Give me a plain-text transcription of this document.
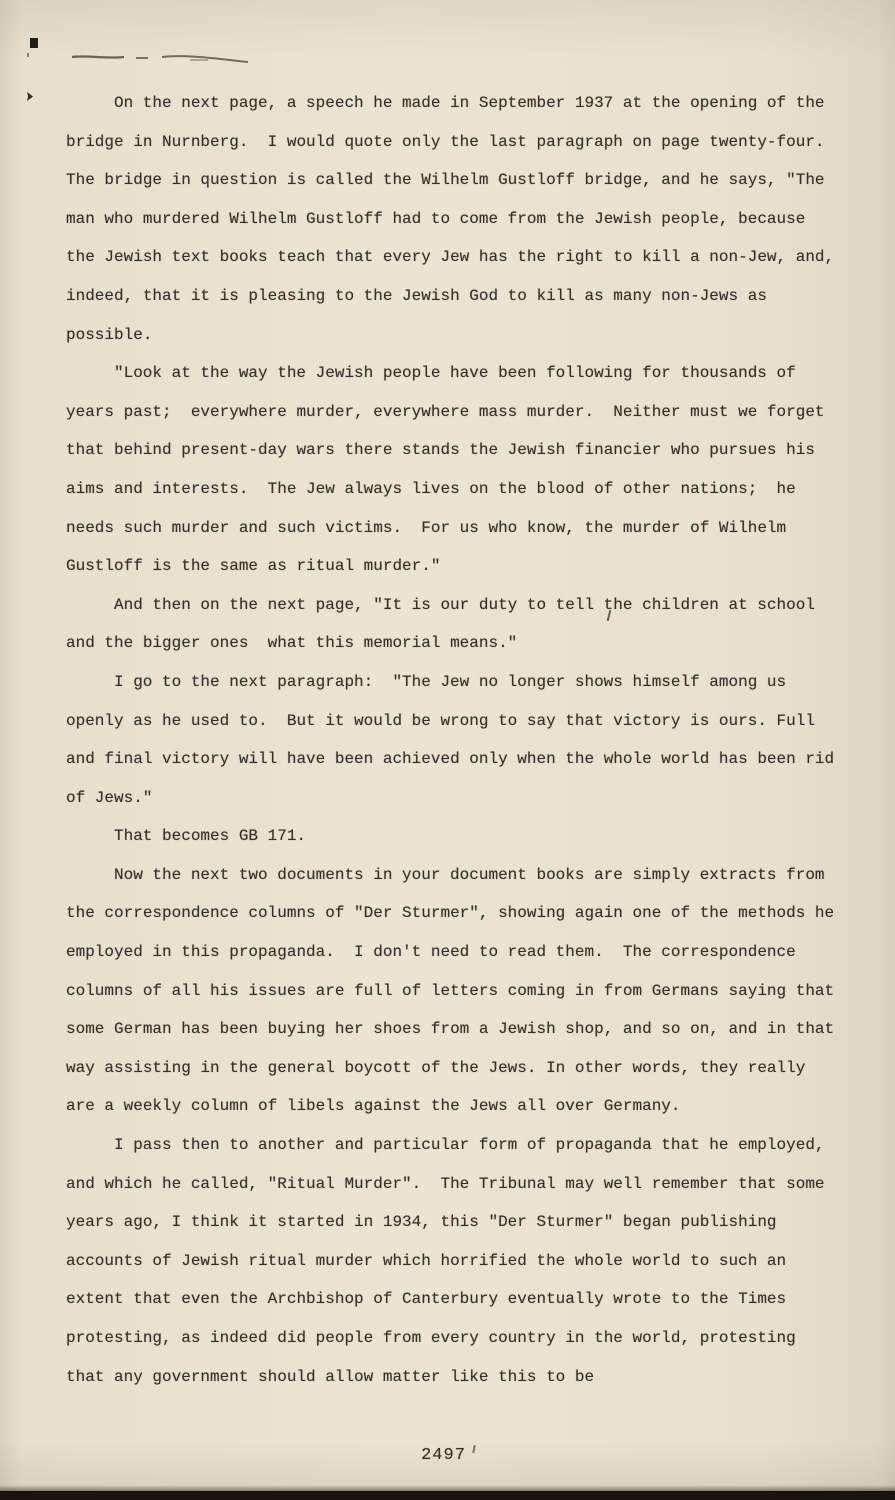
On the next page, a speech he made in September 1937 at the opening of the bridge in Nurnberg.  I would quote only the last paragraph on page twenty-four.  The bridge in question is called the Wilhelm Gustloff bridge, and he says, "The man who murdered Wilhelm Gustloff had to come from the Jewish people, because the Jewish text books teach that every Jew has the right to kill a non-Jew, and, indeed, that it is pleasing to the Jewish God to kill as many non-Jews as possible.

"Look at the way the Jewish people have been following for thousands of years past;  everywhere murder, everywhere mass murder.  Neither must we forget that behind present-day wars there stands the Jewish financier who pursues his aims and interests.  The Jew always lives on the blood of other nations;  he needs such murder and such victims.  For us who know, the murder of Wilhelm Gustloff is the same as ritual murder."

And then on the next page, "It is our duty to tell the children at school and the bigger ones  what this memorial means."

I go to the next paragraph:  "The Jew no longer shows himself among us openly as he used to.  But it would be wrong to say that victory is ours. Full and final victory will have been achieved only when the whole world has been rid of Jews."

That becomes GB 171.

Now the next two documents in your document books are simply extracts from the correspondence columns of "Der Sturmer", showing again one of the methods he employed in this propaganda.  I don't need to read them.  The correspondence columns of all his issues are full of letters coming in from Germans saying that some German has been buying her shoes from a Jewish shop, and so on, and in that way assisting in the general boycott of the Jews. In other words, they really are a weekly column of libels against the Jews all over Germany.

I pass then to another and particular form of propaganda that he employed, and which he called, "Ritual Murder".  The Tribunal may well remember that some years ago, I think it started in 1934, this "Der Sturmer" began publishing accounts of Jewish ritual murder which horrified the whole world to such an extent that even the Archbishop of Canterbury eventually wrote to the Times protesting, as indeed did people from every country in the world, protesting that any government should allow matter like this to be

2497
